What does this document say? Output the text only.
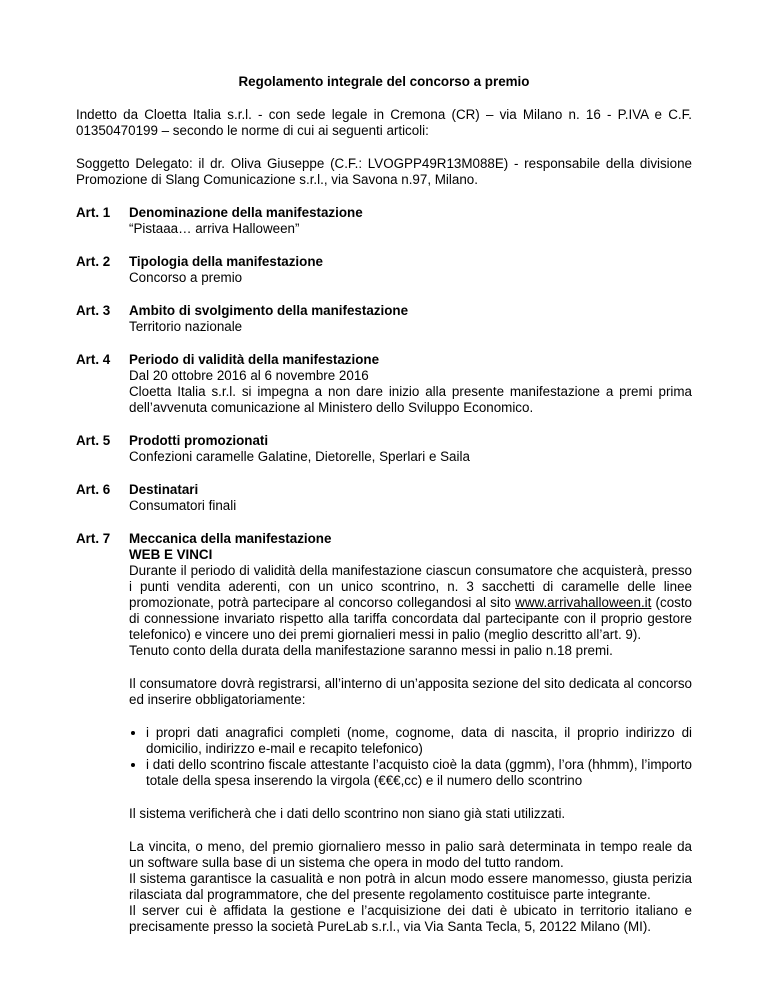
Regolamento integrale del concorso a premio

Indetto da Cloetta Italia s.r.l. - con sede legale in Cremona (CR) – via Milano n. 16 - P.IVA e C.F. 01350470199 – secondo le norme di cui ai seguenti articoli:

Soggetto Delegato: il dr. Oliva Giuseppe (C.F.: LVOGPP49R13M088E) - responsabile della divisione Promozione di Slang Comunicazione s.r.l., via Savona n.97, Milano.

Art. 1	Denominazione della manifestazione
“Pistaaa… arriva Halloween”
Art. 2	Tipologia della manifestazione
Concorso a premio
Art. 3	Ambito di svolgimento della manifestazione
Territorio nazionale
Art. 4	Periodo di validità della manifestazione
Dal 20 ottobre 2016 al 6 novembre 2016
Cloetta Italia s.r.l. si impegna a non dare inizio alla presente manifestazione a premi prima dell’avvenuta comunicazione al Ministero dello Sviluppo Economico.
Art. 5	Prodotti promozionati
Confezioni caramelle Galatine, Dietorelle, Sperlari e Saila
Art. 6	Destinatari
Consumatori finali
Art. 7	Meccanica della manifestazione
WEB E VINCI
Durante il periodo di validità della manifestazione ciascun consumatore che acquisterà, presso i punti vendita aderenti, con un unico scontrino, n. 3 sacchetti di caramelle delle linee promozionate, potrà partecipare al concorso collegandosi al sito www.arrivahalloween.it (costo di connessione invariato rispetto alla tariffa concordata dal partecipante con il proprio gestore telefonico) e vincere uno dei premi giornalieri messi in palio (meglio descritto all’art. 9).
Tenuto conto della durata della manifestazione saranno messi in palio n.18 premi.
Il consumatore dovrà registrarsi, all’interno di un’apposita sezione del sito dedicata al concorso ed inserire obbligatoriamente:
• i propri dati anagrafici completi (nome, cognome, data di nascita, il proprio indirizzo di domicilio, indirizzo e-mail e recapito telefonico)
• i dati dello scontrino fiscale attestante l’acquisto cioè la data (ggmm), l’ora (hhmm), l’importo totale della spesa inserendo la virgola (€€€,cc) e il numero dello scontrino
Il sistema verificherà che i dati dello scontrino non siano già stati utilizzati.
La vincita, o meno, del premio giornaliero messo in palio sarà determinata in tempo reale da un software sulla base di un sistema che opera in modo del tutto random.
Il sistema garantisce la casualità e non potrà in alcun modo essere manomesso, giusta perizia rilasciata dal programmatore, che del presente regolamento costituisce parte integrante.
Il server cui è affidata la gestione e l’acquisizione dei dati è ubicato in territorio italiano e precisamente presso la società PureLab s.r.l., via Via Santa Tecla, 5, 20122 Milano (MI).
